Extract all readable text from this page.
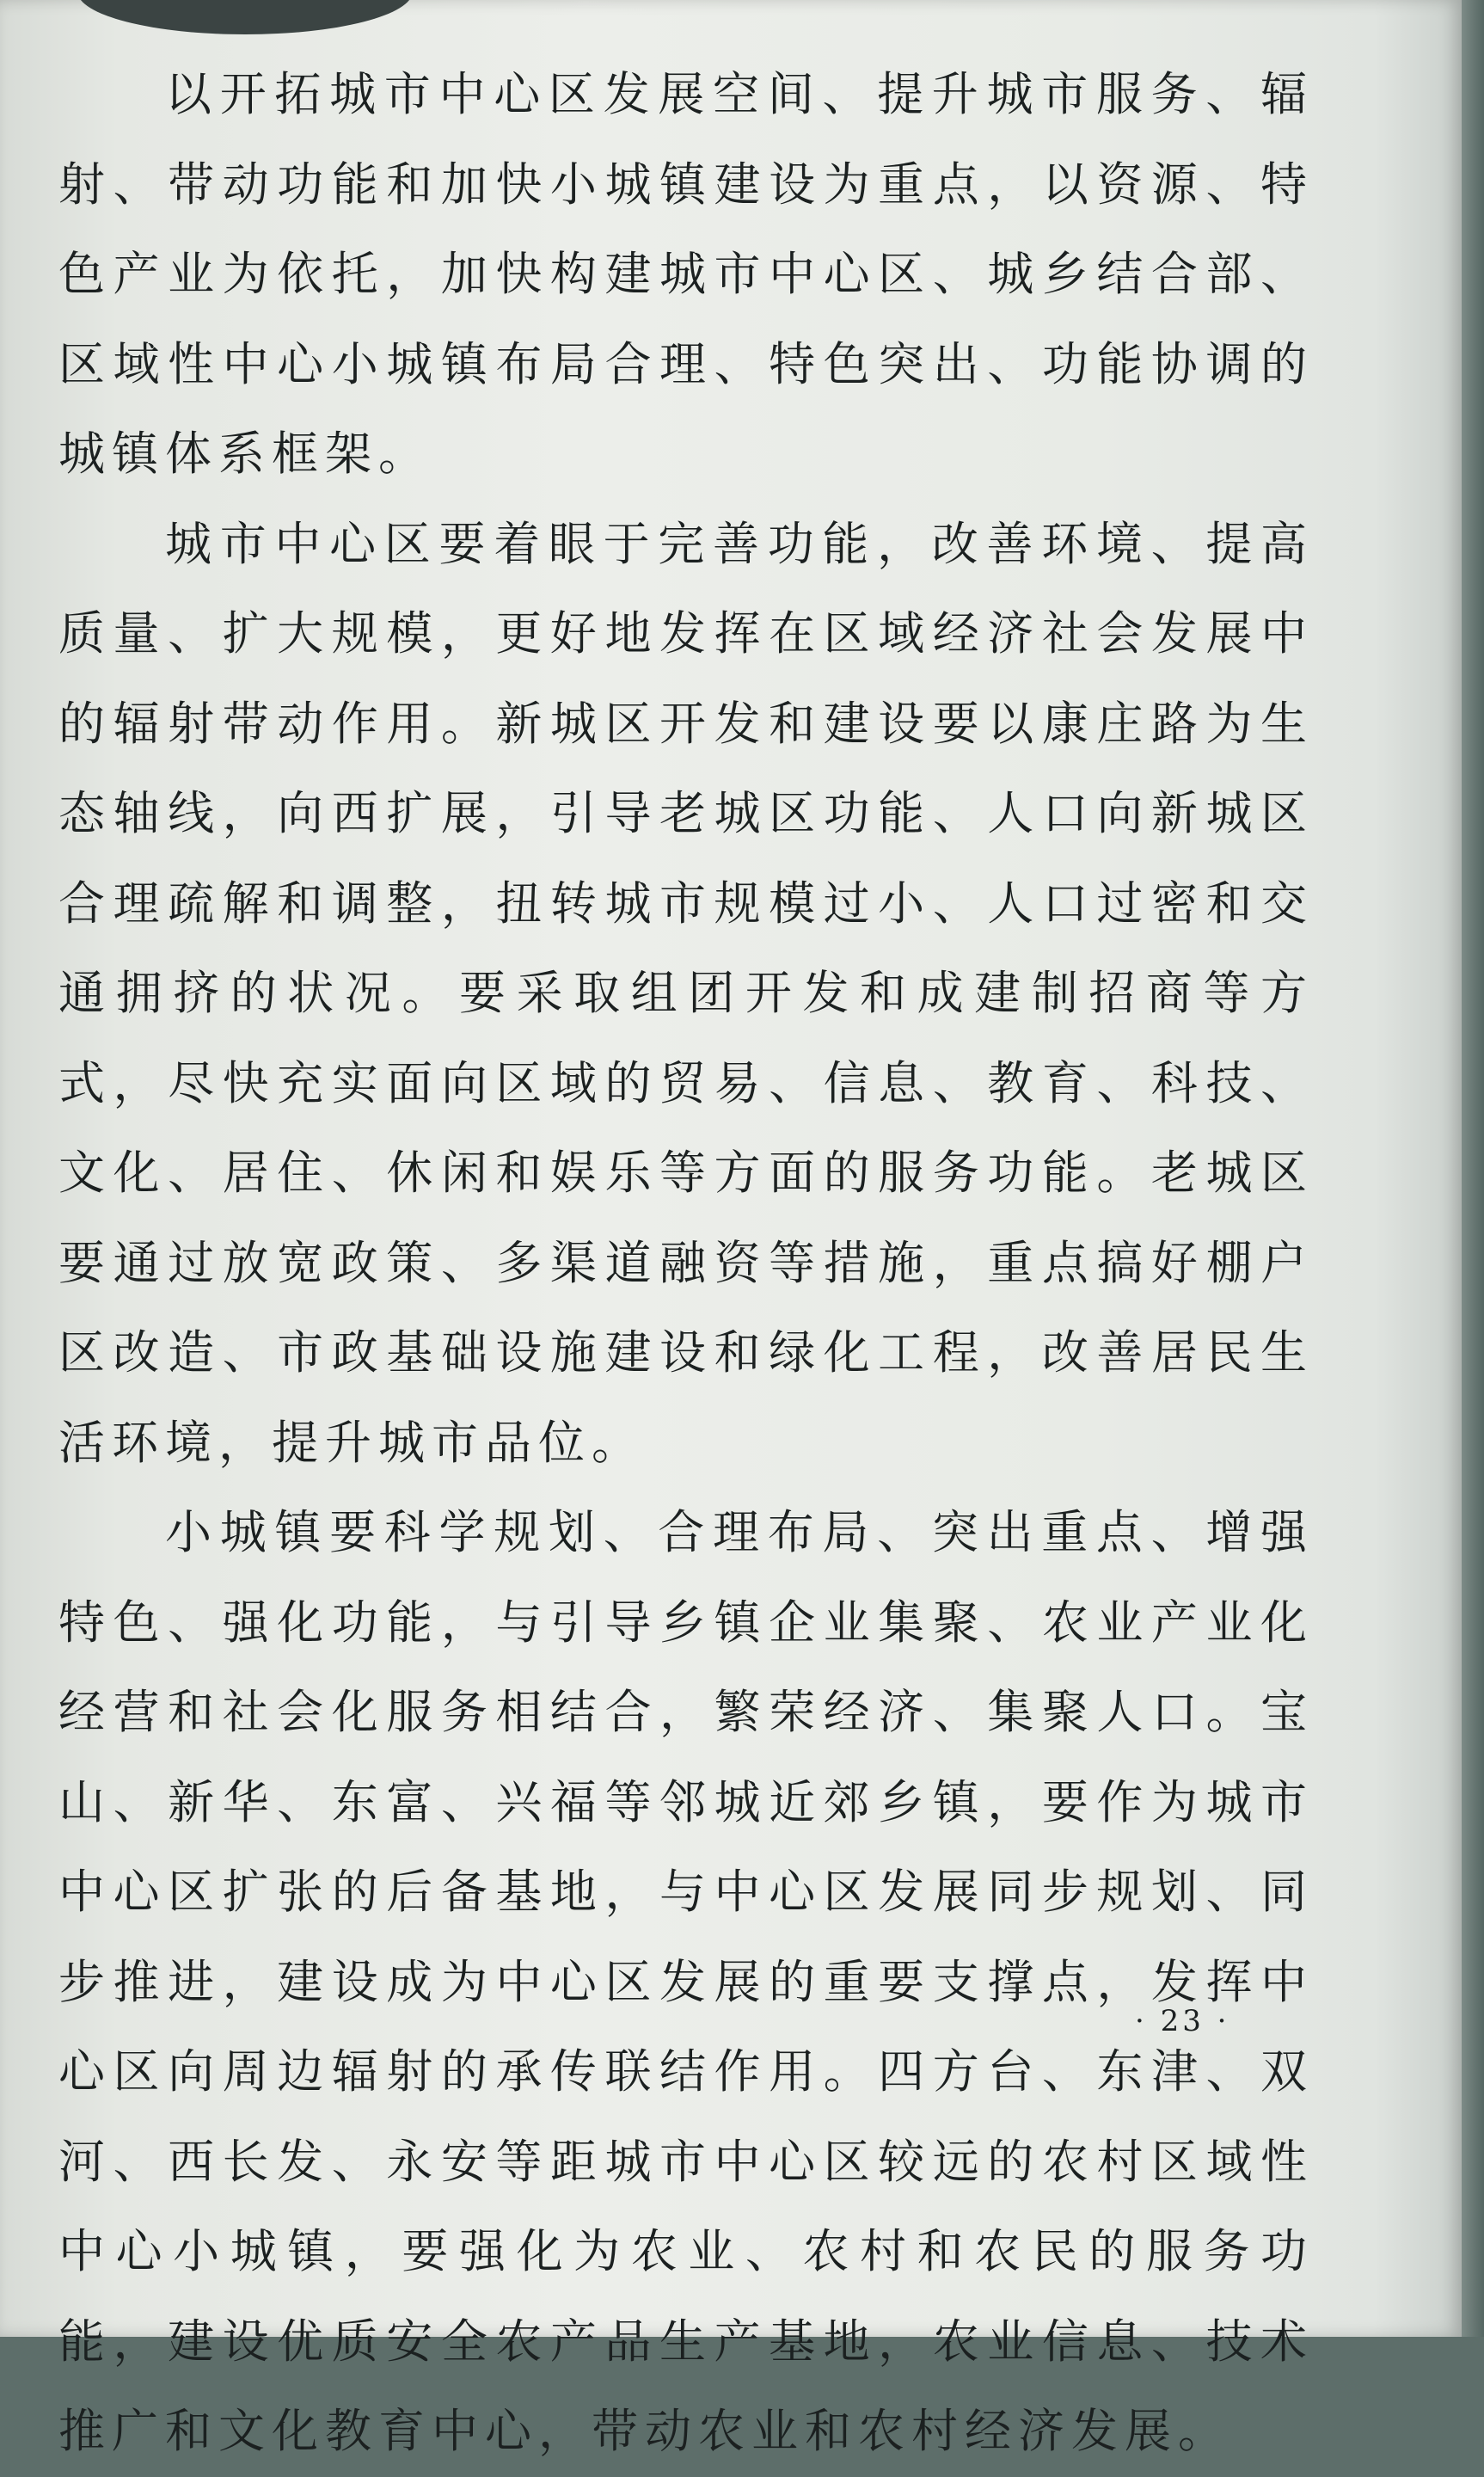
以开拓城市中心区发展空间、提升城市服务、辐射、带动功能和加快小城镇建设为重点，以资源、特色产业为依托，加快构建城市中心区、城乡结合部、区域性中心小城镇布局合理、特色突出、功能协调的城镇体系框架。

城市中心区要着眼于完善功能，改善环境、提高质量、扩大规模，更好地发挥在区域经济社会发展中的辐射带动作用。新城区开发和建设要以康庄路为生态轴线，向西扩展，引导老城区功能、人口向新城区合理疏解和调整，扭转城市规模过小、人口过密和交通拥挤的状况。要采取组团开发和成建制招商等方式，尽快充实面向区域的贸易、信息、教育、科技、文化、居住、休闲和娱乐等方面的服务功能。老城区要通过放宽政策、多渠道融资等措施，重点搞好棚户区改造、市政基础设施建设和绿化工程，改善居民生活环境，提升城市品位。

小城镇要科学规划、合理布局、突出重点、增强特色、强化功能，与引导乡镇企业集聚、农业产业化经营和社会化服务相结合，繁荣经济、集聚人口。宝山、新华、东富、兴福等邻城近郊乡镇，要作为城市中心区扩张的后备基地，与中心区发展同步规划、同步推进，建设成为中心区发展的重要支撑点，发挥中心区向周边辐射的承传联结作用。四方台、东津、双河、西长发、永安等距城市中心区较远的农村区域性中心小城镇，要强化为农业、农村和农民的服务功能，建设优质安全农产品生产基地，农业信息、技术推广和文化教育中心，带动农业和农村经济发展。

· 23 ·
